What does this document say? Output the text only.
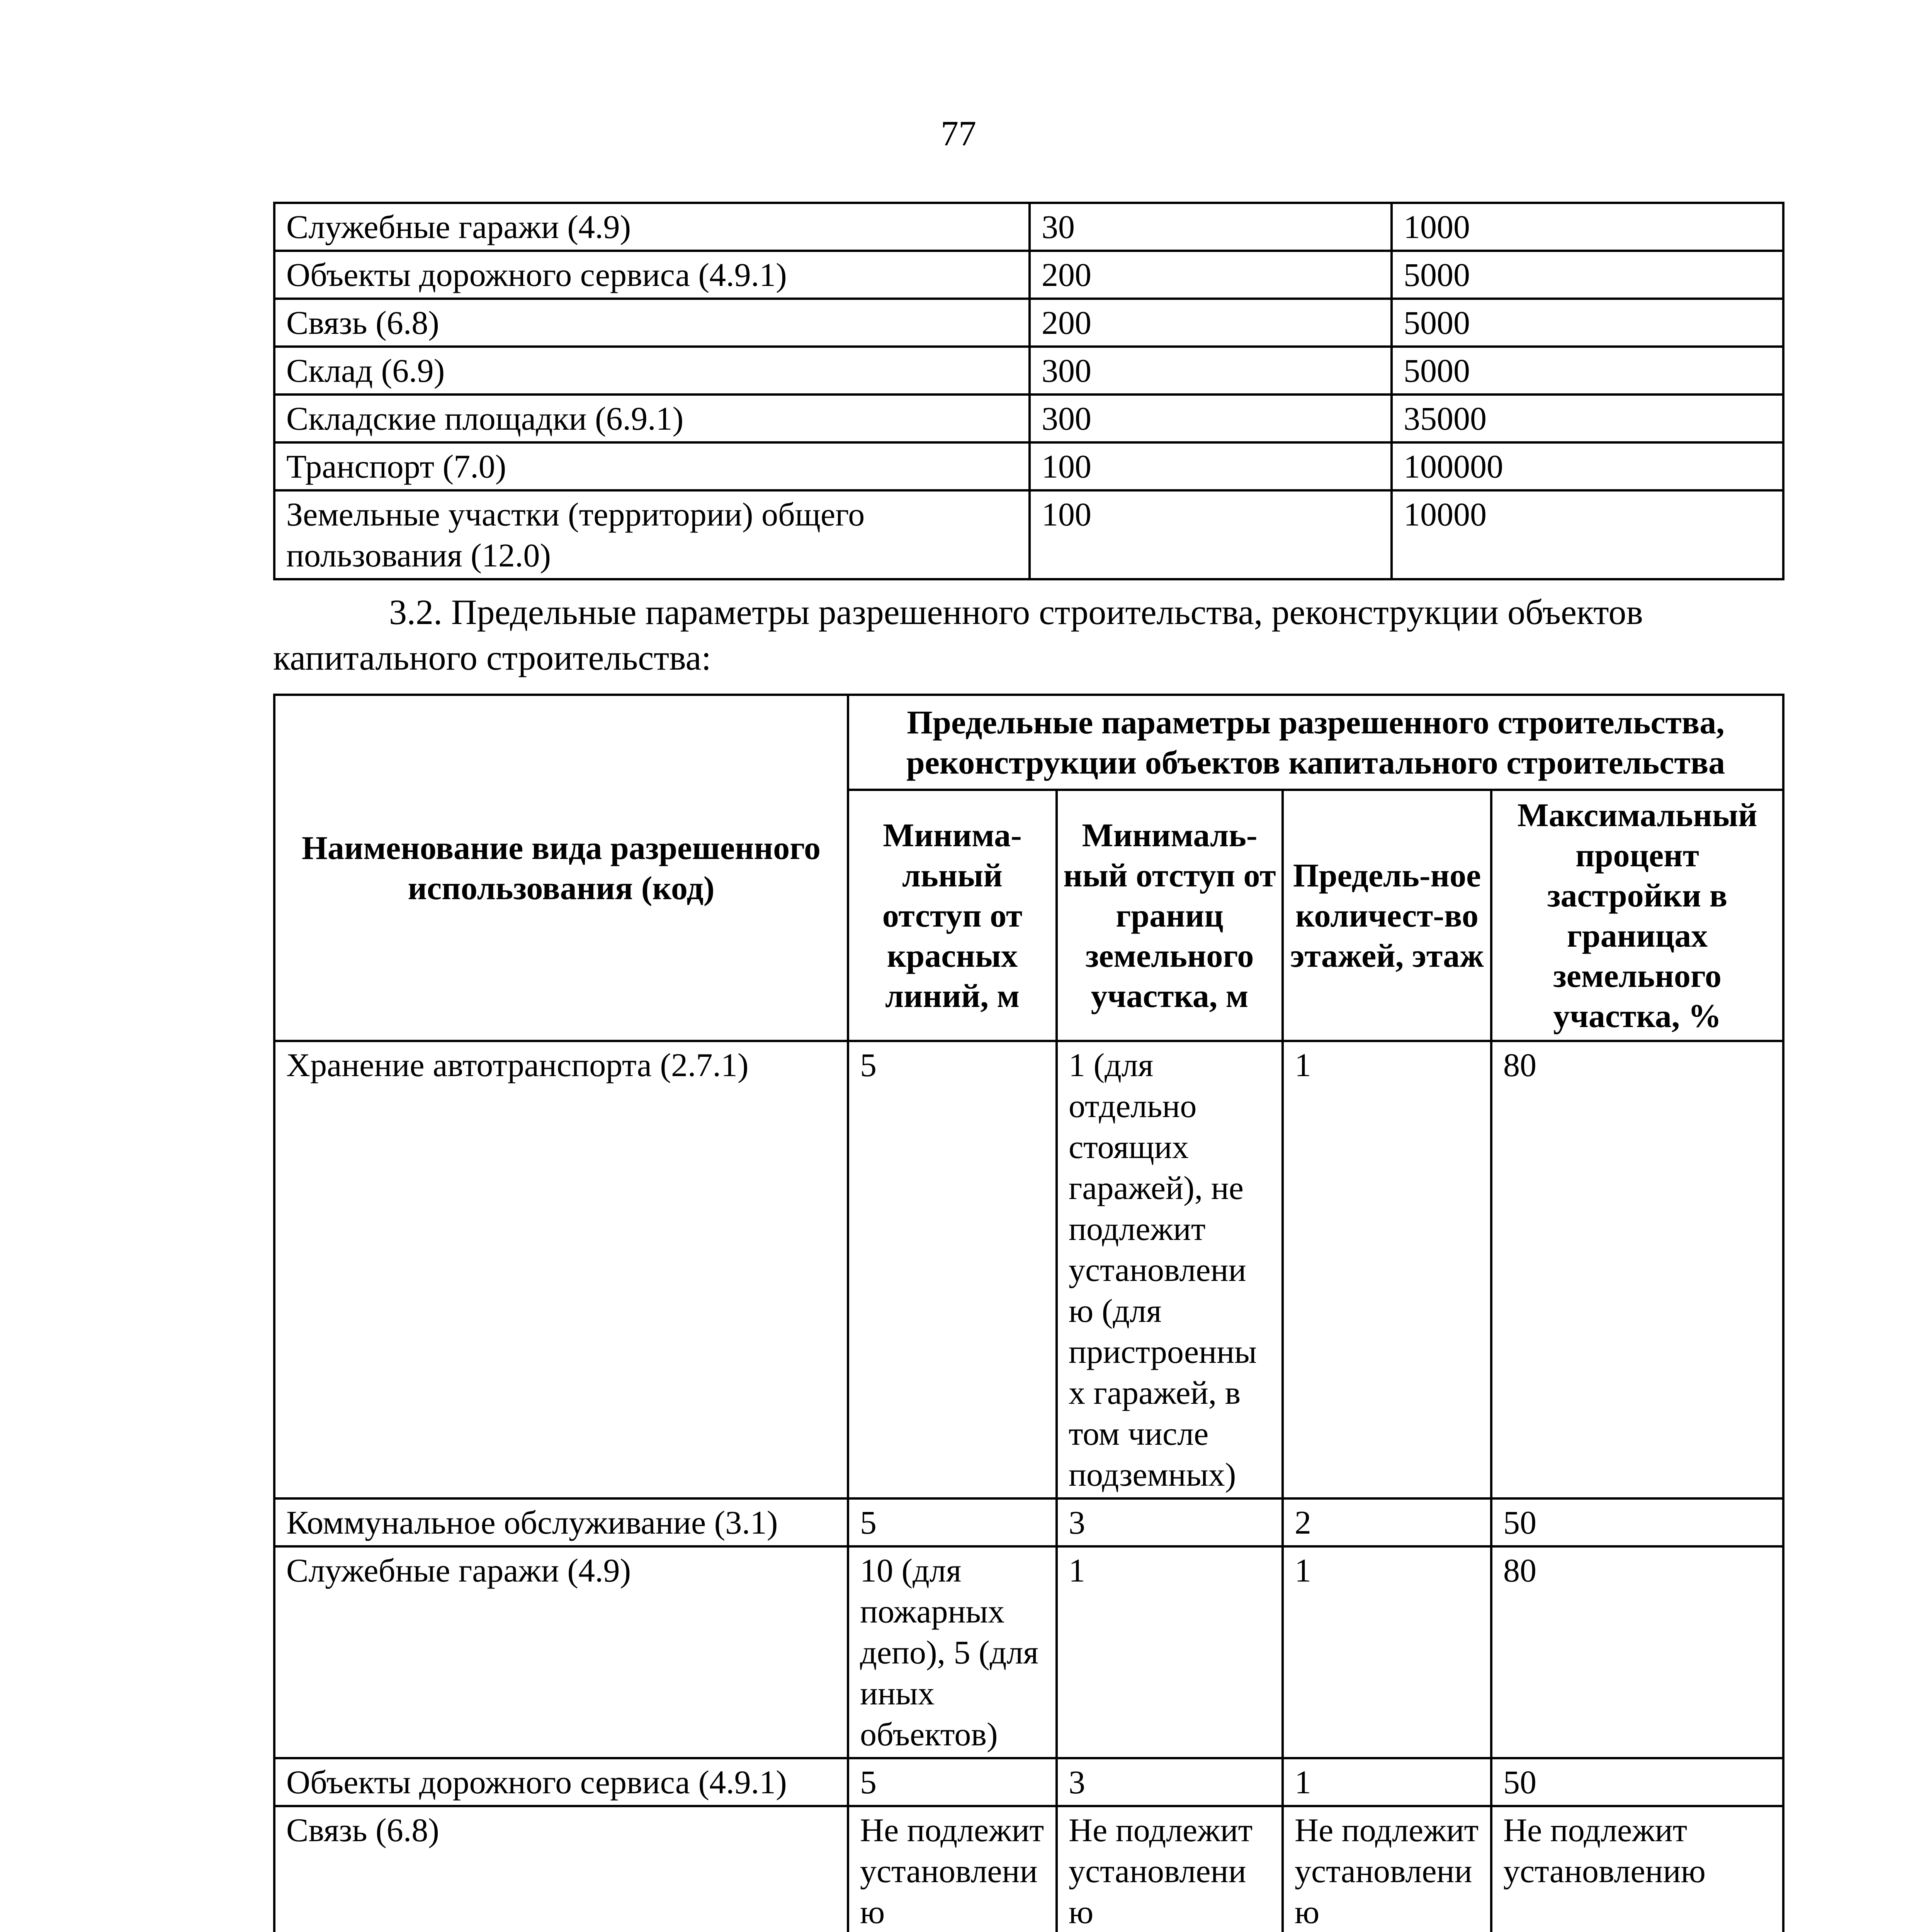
77
Служебные гаражи (4.9)	30	1000
Объекты дорожного сервиса (4.9.1)	200	5000
Связь (6.8)	200	5000
Склад (6.9)	300	5000
Складские площадки (6.9.1)	300	35000
Транспорт (7.0)	100	100000
Земельные участки (территории) общего пользования (12.0)	100	10000

3.2. Предельные параметры разрешенного строительства, реконструкции объектов капитального строительства:

Наименование вида разрешенного использования (код)	Предельные параметры разрешенного строительства, реконструкции объектов капитального строительства			
	Минима-льный отступ от красных линий, м	Минималь-ный отступ от границ земельного участка, м	Предель-ное количест-во этажей, этаж	Максимальный процент застройки в границах земельного участка, %
Хранение автотранспорта (2.7.1)	5	1 (для отдельно стоящих гаражей), не подлежит установлению (для пристроенных гаражей, в том числе подземных)	1	80
Коммунальное обслуживание (3.1)	5	3	2	50
Служебные гаражи (4.9)	10 (для пожарных депо), 5 (для иных объектов)	1	1	80
Объекты дорожного сервиса (4.9.1)	5	3	1	50
Связь (6.8)	Не подлежит установлению	Не подлежит установлению	Не подлежит установлению	Не подлежит установлению
